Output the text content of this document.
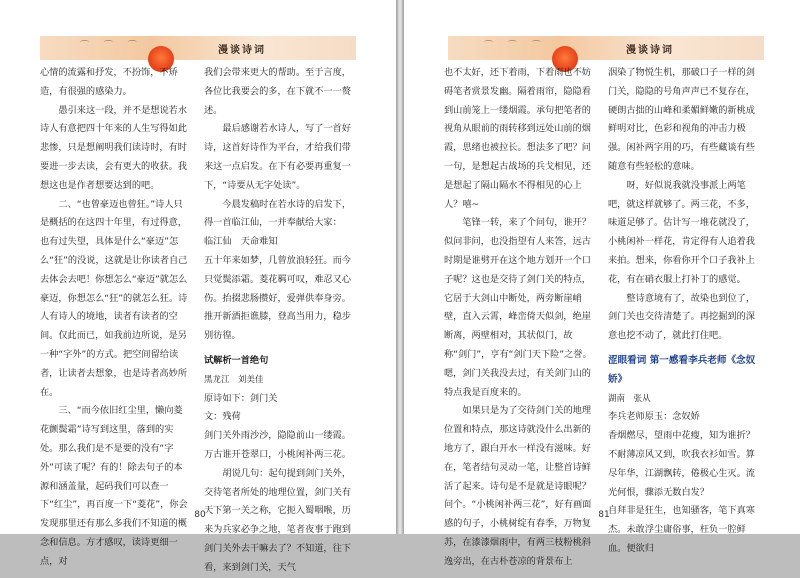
⌒ ⌒ ⌒	漫谈诗词

心情的流露和抒发，不扮饰，不矫造，有很强的感染力。

愚引来这一段，并不是想说若水诗人有意把四十年来的人生写得如此悲惨，只是想阐明我们读诗时，有时要进一步去读，会有更大的收获。我想这也是作者想要达到的吧。

二、“也曾豪迈也曾狂。”诗人只是概括的在这四十年里，有过得意，也有过失望，具体是什么“豪迈”怎么“狂”的没说，这就是让你读者自己去体会去吧！你想怎么“豪迈”就怎么豪迈，你想怎么“狂”的就怎么狂。诗人有诗人的境地，读者有读者的空间。仅此而已，如我前边所说，是另一种“字外”的方式。把空间留给读者，让读者去想象，也是诗者高妙所在。

三、“而今依旧红尘里，懒向菱花颤鬓霜”诗写到这里，落到的实处。那么我们是不是要的没有“字外”可读了呢？有的！除去句子的本源和涵盖量，起码我们可以查一下“红尘”，再百度一下“菱花”，你会发现那里还有那么多我们不知道的概念和信息。方才感叹，读诗更细一点，对

我们会带来更大的帮助。至于言度，各位比我要会的多，在下就不一一赘述。

最后感谢若水诗人，写了一首好诗，这首好诗作为平台，才给我们带来这一点启发。在下有必要再重复一下，“诗要从无字处读”。

今晨发稿时在若水诗的启发下，得一首临江仙，一并奉献给大家：

临江仙　天命难知

五十年来如梦，几曾放浪轻狂。而今只觉鬓添霜。菱花羁可叹，难忍又心伤。抬掇悲肠攒好，爱弹供奉身旁。推开新酒拒谯膝，登高当用力，稳步别彷徨。

试解析一首绝句

黑龙江　刘美佳

原诗如下：剑门关

文：残荷

剑门关外雨沙沙，隐隐前山一缕霞。

万古谁开苍翠口，小桃闲补两三花。

胡说几句：起句提到剑门关外，交待笔者所处的地理位置，剑门关有天下第一关之称，它扼入蜀咽喉，历来为兵家必争之地，笔者夜事于跑到剑门关外去干嘛去了？不知道，往下看，来到剑门关，天气

80
⌒ ⌒ ⌒	漫谈诗词

也不太好，还下着雨，下着雨也不妨碍笔者赏景发幽。隔着雨帘，隐隐看到山前笼上一缕烟霞。承句把笔者的视角从眼前的雨转移到远处山前的烟霞，思绪也被拉长。想法多了吧？问一句，是想起古战场的兵戈相见，还是想起了隔山隔水不得相见的心上人？嘻~

笔锋一转，来了个问句，谁开？似问非问，也没指望有人来答，远古时期是谁劈开在这个地方划开一个口子呢？这也是交待了剑门关的特点，它居于大剑山中断处，两旁断崖峭壁，直入云霄，峰峦倚天似剑，绝崖断离，两壁相对，其状似门，故称“剑门”，亨有“剑门天下险”之誉。嗯，剑门关我没去过，有关剑门山的特点我是百度来的。

如果只是为了交待剑门关的地理位置和特点，那这诗就没什么出新的地方了，跟白开水一样没有滋味。好在，笔者结句灵动一笔，让整首诗鲜活了起来。诗句是不是就是诗眼呢？问个。“小桃闲补两三花”，好有画面感的句子，小桃树绽有春季，万物复苏，在漆漆烟雨中，有两三枝粉桃斜逸旁出，在古朴苍凉的背景布上

洇染了物悦生机，那破口子一样的剑门关，隐隐的号角声声已不复存在，硬朗古拙的山峰和柔媚鲜嫩的新桃成鲜明对比，色彩和视角的冲击力极强。闲补两字用的巧，有些藏谈有些随意有些轻松的意味。

呀，好似说我就没事派上两笔吧，就这样就够了。两三花，不多，味道足够了。估计写一堆花就没了，小桃闲补一样花，肯定得有人追着我来拍。想来，你看你开个口子我补上花，有在硝衣服上打补丁的感觉。

整诗意境有了，故染也到位了，剑门关也交待清楚了。再挖掘到的深意也挖不动了，就此打住吧。

涩眼看词 第一感看李兵老师《念奴娇》

湖南　张从

李兵老师原玉：念奴娇

香烟燃尽，望雨中花瘦，知为谁折？不耐薄凉风又到，吹我衣衫如雪。算尽年华，江湖飘转，倦极心生灭。流光何恨，骤添无数白发？

自拜非是狂生，也知骚客，笔下真寒杰。未敢浮尘庸俗事，枉负一腔鲜血。便欲归

81
